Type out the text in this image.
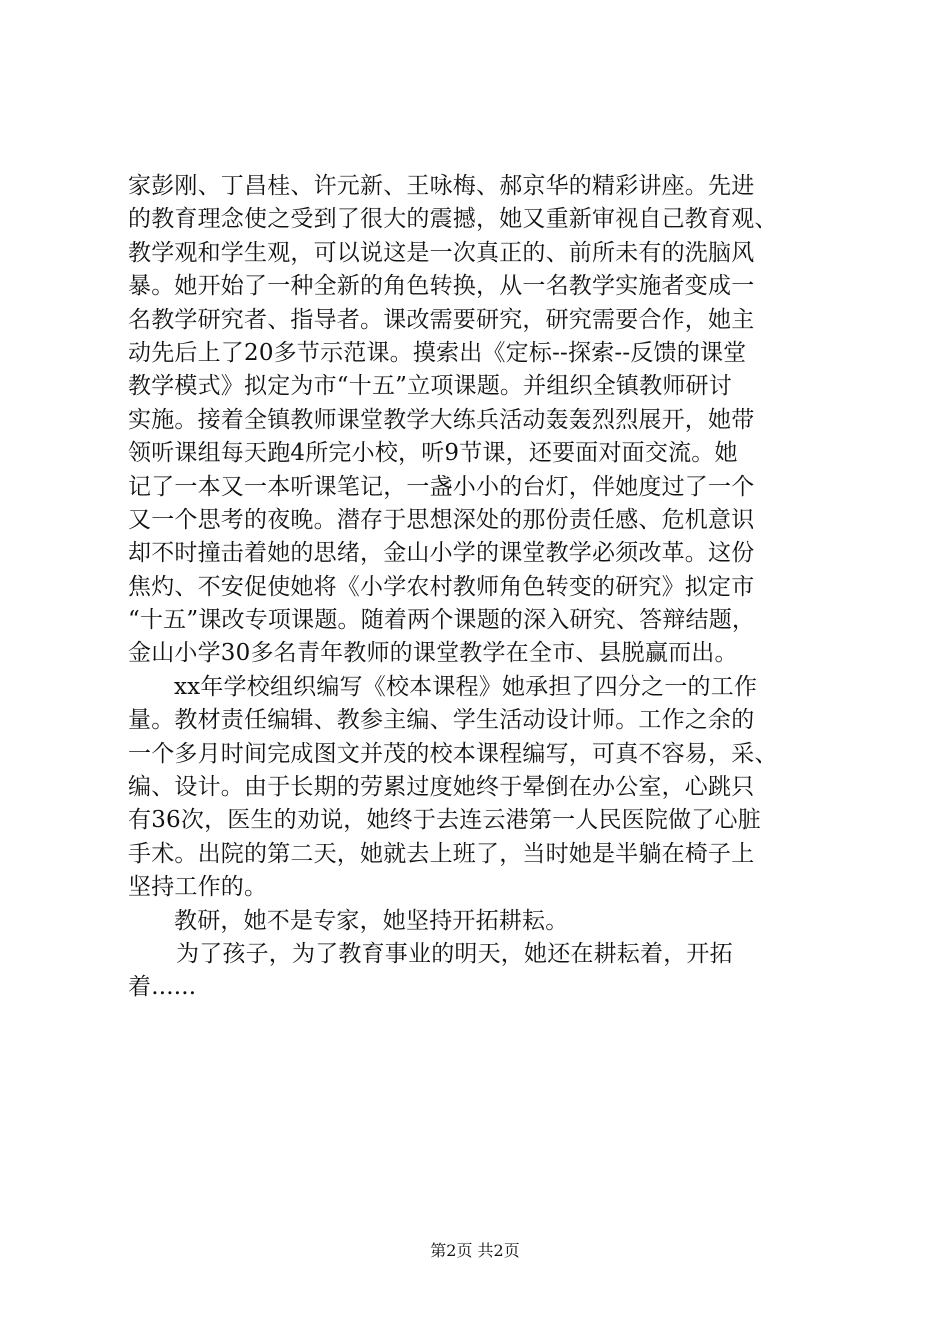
家彭刚、丁昌桂、许元新、王咏梅、郝京华的精彩讲座。先进
的教育理念使之受到了很大的震撼，她又重新审视自己教育观、
教学观和学生观，可以说这是一次真正的、前所未有的洗脑风
暴。她开始了一种全新的角色转换，从一名教学实施者变成一
名教学研究者、指导者。课改需要研究，研究需要合作，她主
动先后上了20多节示范课。摸索出《定标--探索--反馈的课堂
教学模式》拟定为市“十五”立项课题。并组织全镇教师研讨
实施。接着全镇教师课堂教学大练兵活动轰轰烈烈展开，她带
领听课组每天跑4所完小校，听9节课，还要面对面交流。她
记了一本又一本听课笔记，一盏小小的台灯，伴她度过了一个
又一个思考的夜晚。潜存于思想深处的那份责任感、危机意识
却不时撞击着她的思绪，金山小学的课堂教学必须改革。这份
焦灼、不安促使她将《小学农村教师角色转变的研究》拟定市
“十五”课改专项课题。随着两个课题的深入研究、答辩结题，
金山小学30多名青年教师的课堂教学在全市、县脱赢而出。
xx年学校组织编写《校本课程》她承担了四分之一的工作
量。教材责任编辑、教参主编、学生活动设计师。工作之余的
一个多月时间完成图文并茂的校本课程编写，可真不容易，采、
编、设计。由于长期的劳累过度她终于晕倒在办公室，心跳只
有36次，医生的劝说，她终于去连云港第一人民医院做了心脏
手术。出院的第二天，她就去上班了，当时她是半躺在椅子上
坚持工作的。
教研，她不是专家，她坚持开拓耕耘。
为了孩子，为了教育事业的明天，她还在耕耘着，开拓
着......
第2页 共2页
